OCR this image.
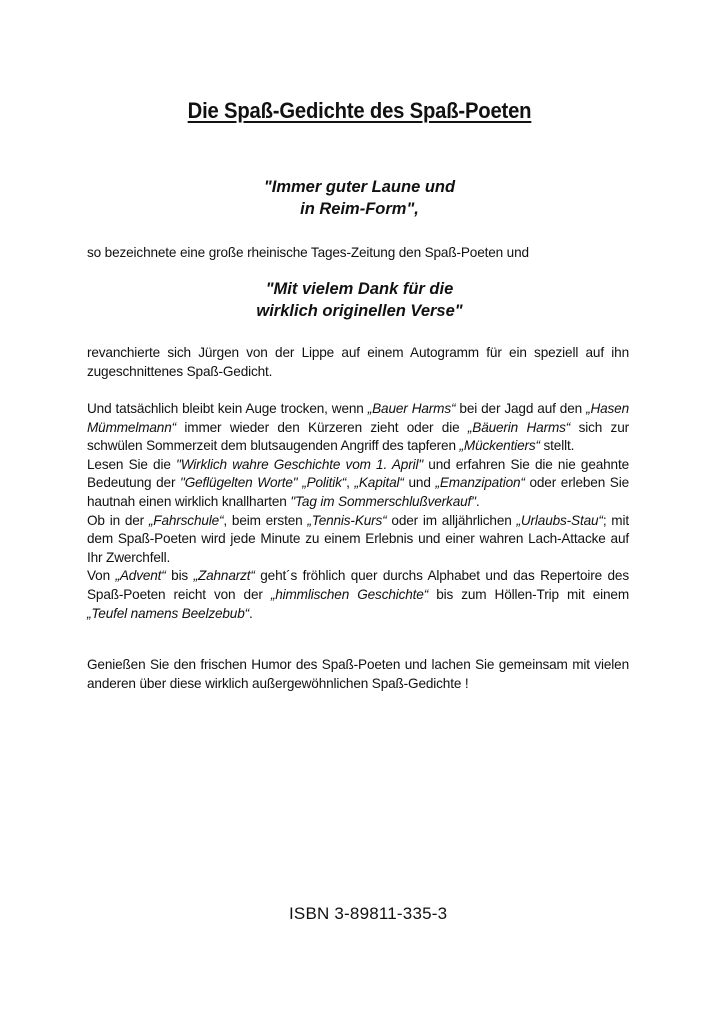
Die Spaß-Gedichte des Spaß-Poeten
"Immer guter Laune und
in Reim-Form",
so bezeichnete eine große rheinische Tages-Zeitung den Spaß-Poeten und
"Mit vielem Dank für die
wirklich originellen Verse"
revanchierte sich Jürgen von der Lippe auf einem Autogramm für ein speziell auf ihn
zugeschnittenes Spaß-Gedicht.
Und tatsächlich bleibt kein Auge trocken, wenn „Bauer Harms“ bei der Jagd auf den „Hasen
Mümmelmann“ immer wieder den Kürzeren zieht oder die „Bäuerin Harms“ sich zur
schwülen Sommerzeit dem blutsaugenden Angriff des tapferen „Mückentiers“ stellt.
Lesen Sie die "Wirklich wahre Geschichte vom 1. April" und erfahren Sie die nie geahnte
Bedeutung der "Geflügelten Worte" „Politik“, „Kapital“ und „Emanzipation“ oder erleben Sie
hautnah einen wirklich knallharten "Tag im Sommerschlußverkauf".
Ob in der „Fahrschule“, beim ersten „Tennis-Kurs“ oder im alljährlichen „Urlaubs-Stau“; mit
dem Spaß-Poeten wird jede Minute zu einem Erlebnis und einer wahren Lach-Attacke auf
Ihr Zwerchfell.
Von „Advent“ bis „Zahnarzt“ geht´s fröhlich quer durchs Alphabet und das Repertoire des
Spaß-Poeten reicht von der „himmlischen Geschichte“ bis zum Höllen-Trip mit einem
„Teufel namens Beelzebub“.
Genießen Sie den frischen Humor des Spaß-Poeten und lachen Sie gemeinsam mit vielen
anderen über diese wirklich außergewöhnlichen Spaß-Gedichte !
ISBN 3-89811-335-3
